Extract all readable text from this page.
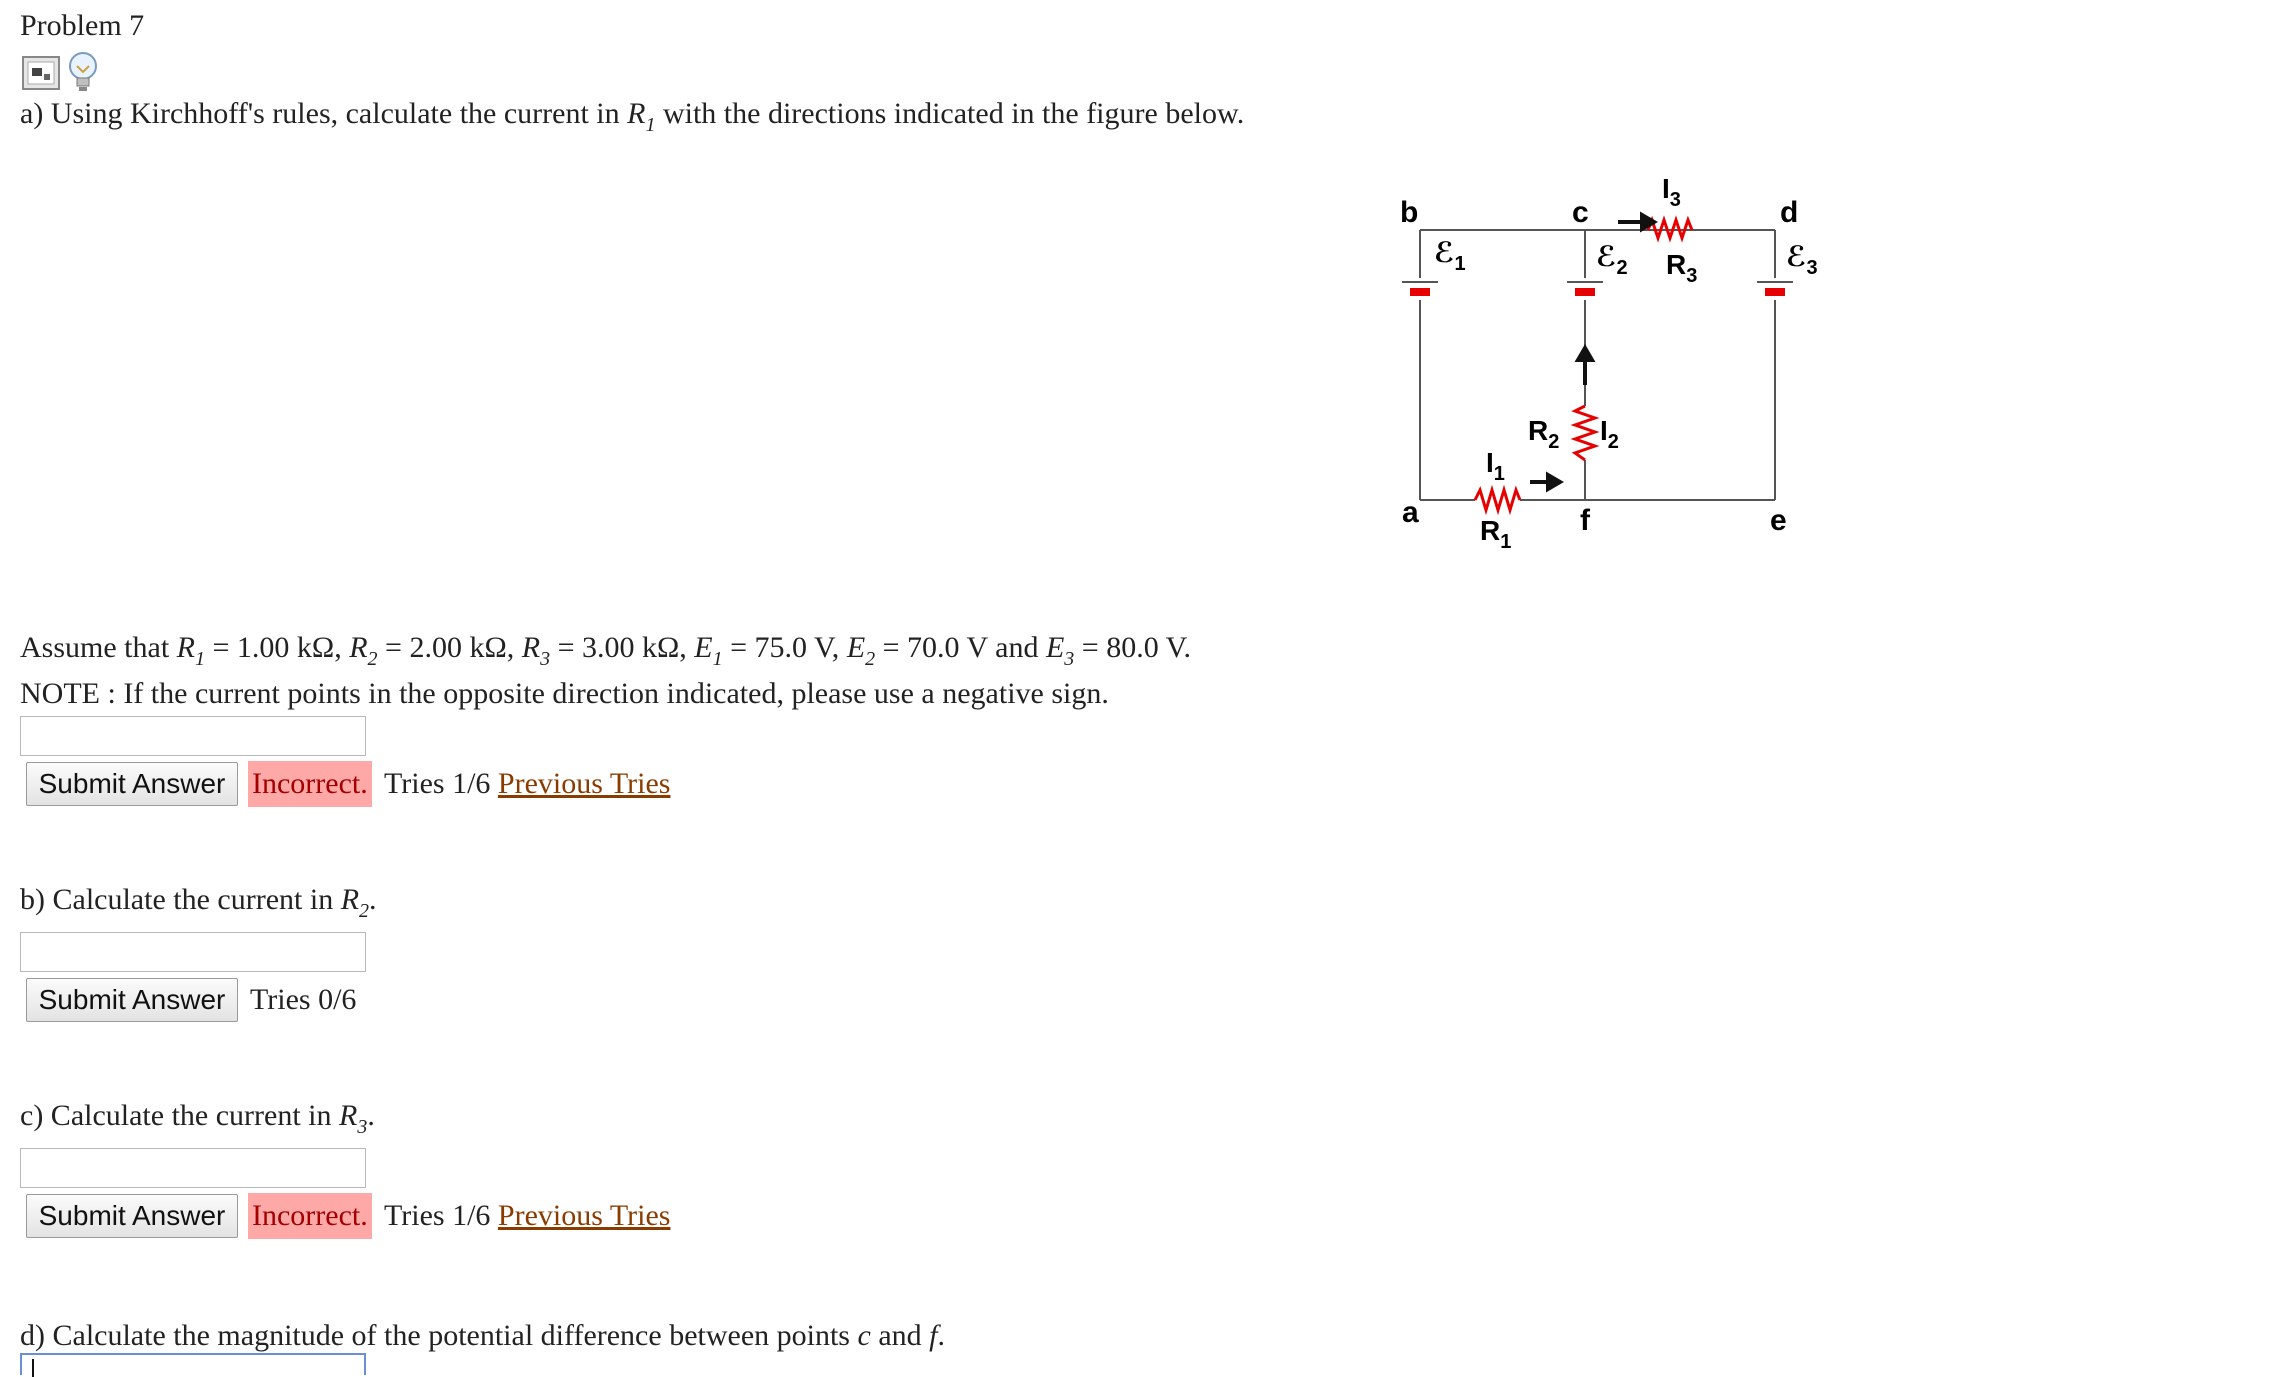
Problem 7
a) Using Kirchhoff's rules, calculate the current in $R_1$ with the directions indicated in the figure below.
b	c	d
a	f	e
ℰ$_1$	ℰ$_2$	ℰ$_3$
$R_1$
$R_2$
$R_3$
$I_1$
$I_2$
$I_3$
Assume that $R_1 = 1.00$ kΩ, $R_2 = 2.00$ kΩ, $R_3 = 3.00$ kΩ, $E_1 = 75.0$ V, $E_2 = 70.0$ V and $E_3 = 80.0$ V.
NOTE : If the current points in the opposite direction indicated, please use a negative sign.
Submit Answer Incorrect. Tries 1/6 Previous Tries
b) Calculate the current in $R_2$.
Submit Answer Tries 0/6
c) Calculate the current in $R_3$.
Submit Answer Incorrect. Tries 1/6 Previous Tries
d) Calculate the magnitude of the potential difference between points c and f.
